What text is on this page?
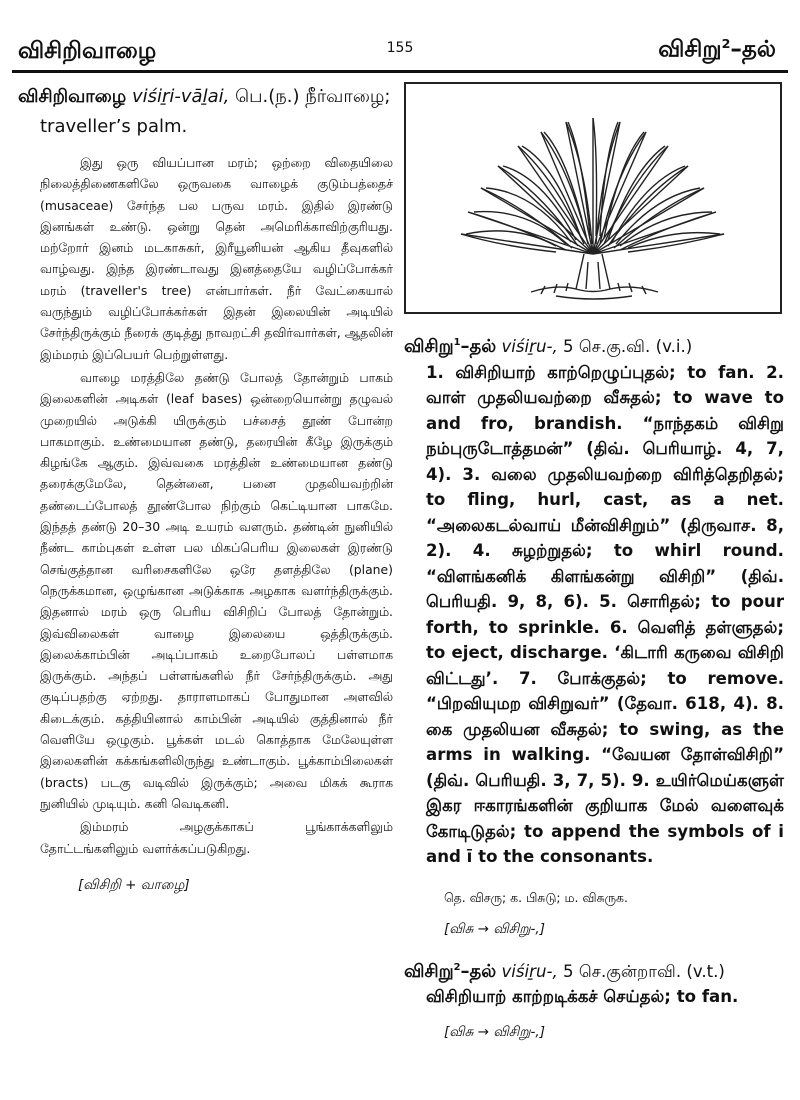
விசிறிவாழை	155	விசிறு$^2$–தல்
விசிறிவாழை viśiṟi-vāḻai, பெ.(ந.) நீர்வாழை;
traveller’s palm.

இது ஒரு வியப்பான மரம்; ஒற்றை விதையிலை நிலைத்திணைகளிலே ஒருவகை வாழைக் குடும்பத்தைச் (musaceae) சேர்ந்த பல பருவ மரம். இதில் இரண்டு இனங்கள் உண்டு. ஒன்று தென் அமெரிக்காவிற்குரியது. மற்றோர் இனம் மடகாசுகர், இரீயூனியன் ஆகிய தீவுகளில் வாழ்வது. இந்த இரண்டாவது இனத்தையே வழிப்போக்கர் மரம் (traveller's tree) என்பார்கள். நீர் வேட்கையால் வருந்தும் வழிப்போக்கர்கள் இதன் இலையின் அடியில் சேர்ந்திருக்கும் நீரைக் குடித்து நாவறட்சி தவிர்வார்கள், ஆதலின் இம்மரம் இப்பெயர் பெற்றுள்ளது.

வாழை மரத்திலே தண்டு போலத் தோன்றும் பாகம் இலைகளின் அடிகள் (leaf bases) ஒன்றையொன்று தழுவல் முறையில் அடுக்கி யிருக்கும் பச்சைத் தூண் போன்ற பாகமாகும். உண்மையான தண்டு, தரையின் கீழே இருக்கும் கிழங்கே ஆகும். இவ்வகை மரத்தின் உண்மையான தண்டு தரைக்குமேலே, தென்னை, பனை முதலியவற்றின் தண்டைப்போலத் தூண்போல நிற்கும் கெட்டியான பாகமே. இந்தத் தண்டு 20–30 அடி உயரம் வளரும். தண்டின் நுனியில் நீண்ட காம்புகள் உள்ள பல மிகப்பெரிய இலைகள் இரண்டு செங்குத்தான வரிசைகளிலே ஒரே தளத்திலே (plane) நெருக்கமான, ஒழுங்கான அடுக்காக அழகாக வளர்ந்திருக்கும். இதனால் மரம் ஒரு பெரிய விசிறிப் போலத் தோன்றும். இவ்விலைகள் வாழை இலையை ஒத்திருக்கும். இலைக்காம்பின் அடிப்பாகம் உறைபோலப் பள்ளமாக இருக்கும். அந்தப் பள்ளங்களில் நீர் சேர்ந்திருக்கும். அது குடிப்பதற்கு ஏற்றது. தாராளமாகப் போதுமான அளவில் கிடைக்கும். கத்தியினால் காம்பின் அடியில் குத்தினால் நீர் வெளியே ஒழுகும். பூக்கள் மடல் கொத்தாக மேலேயுள்ள இலைகளின் கக்கங்களிலிருந்து உண்டாகும். பூக்காம்பிலைகள் (bracts) படகு வடிவில் இருக்கும்; அவை மிகக் கூராக நுனியில் முடியும். கனி வெடிகனி.

இம்மரம் அழகுக்காகப் பூங்காக்களிலும் தோட்டங்களிலும் வளர்க்கப்படுகிறது.

[விசிறி + வாழை]
விசிறு$^1$–தல் viśiṟu-, 5 செ.கு.வி. (v.i.)
1. விசிறியாற் காற்றெழுப்புதல்; to fan. 2. வாள் முதலியவற்றை வீசுதல்; to wave to and fro, brandish. “நாந்தகம் விசிறு நம்புருடோத்தமன்” (திவ். பெரியாழ். 4, 7, 4). 3. வலை முதலியவற்றை விரித்தெறிதல்; to fling, hurl, cast, as a net. “அலைகடல்வாய் மீன்விசிறும்” (திருவாச. 8, 2). 4. சுழற்றுதல்; to whirl round. “விளங்கனிக் கிளங்கன்று விசிறி” (திவ். பெரியதி. 9, 8, 6). 5. சொரிதல்; to pour forth, to sprinkle. 6. வெளித் தள்ளுதல்; to eject, discharge. ‘கிடாரி கருவை விசிறி விட்டது’. 7. போக்குதல்; to remove. “பிறவியுமற விசிறுவர்” (தேவா. 618, 4). 8. கை முதலியன வீசுதல்; to swing, as the arms in walking. “வேயன தோள்விசிறி” (திவ். பெரியதி. 3, 7, 5). 9. உயிர்மெய்களுள் இகர ஈகாரங்களின் குறியாக மேல் வளைவுக் கோடிடுதல்; to append the symbols of i and ī to the consonants.
தெ. விசரு; க. பிசுடு; ம. விசுருக.
[விசு → விசிறு-,]
விசிறு$^2$–தல் viśiṟu-, 5 செ.குன்றாவி. (v.t.)
விசிறியாற் காற்றடிக்கச் செய்தல்; to fan.
[விசு → விசிறு-,]
